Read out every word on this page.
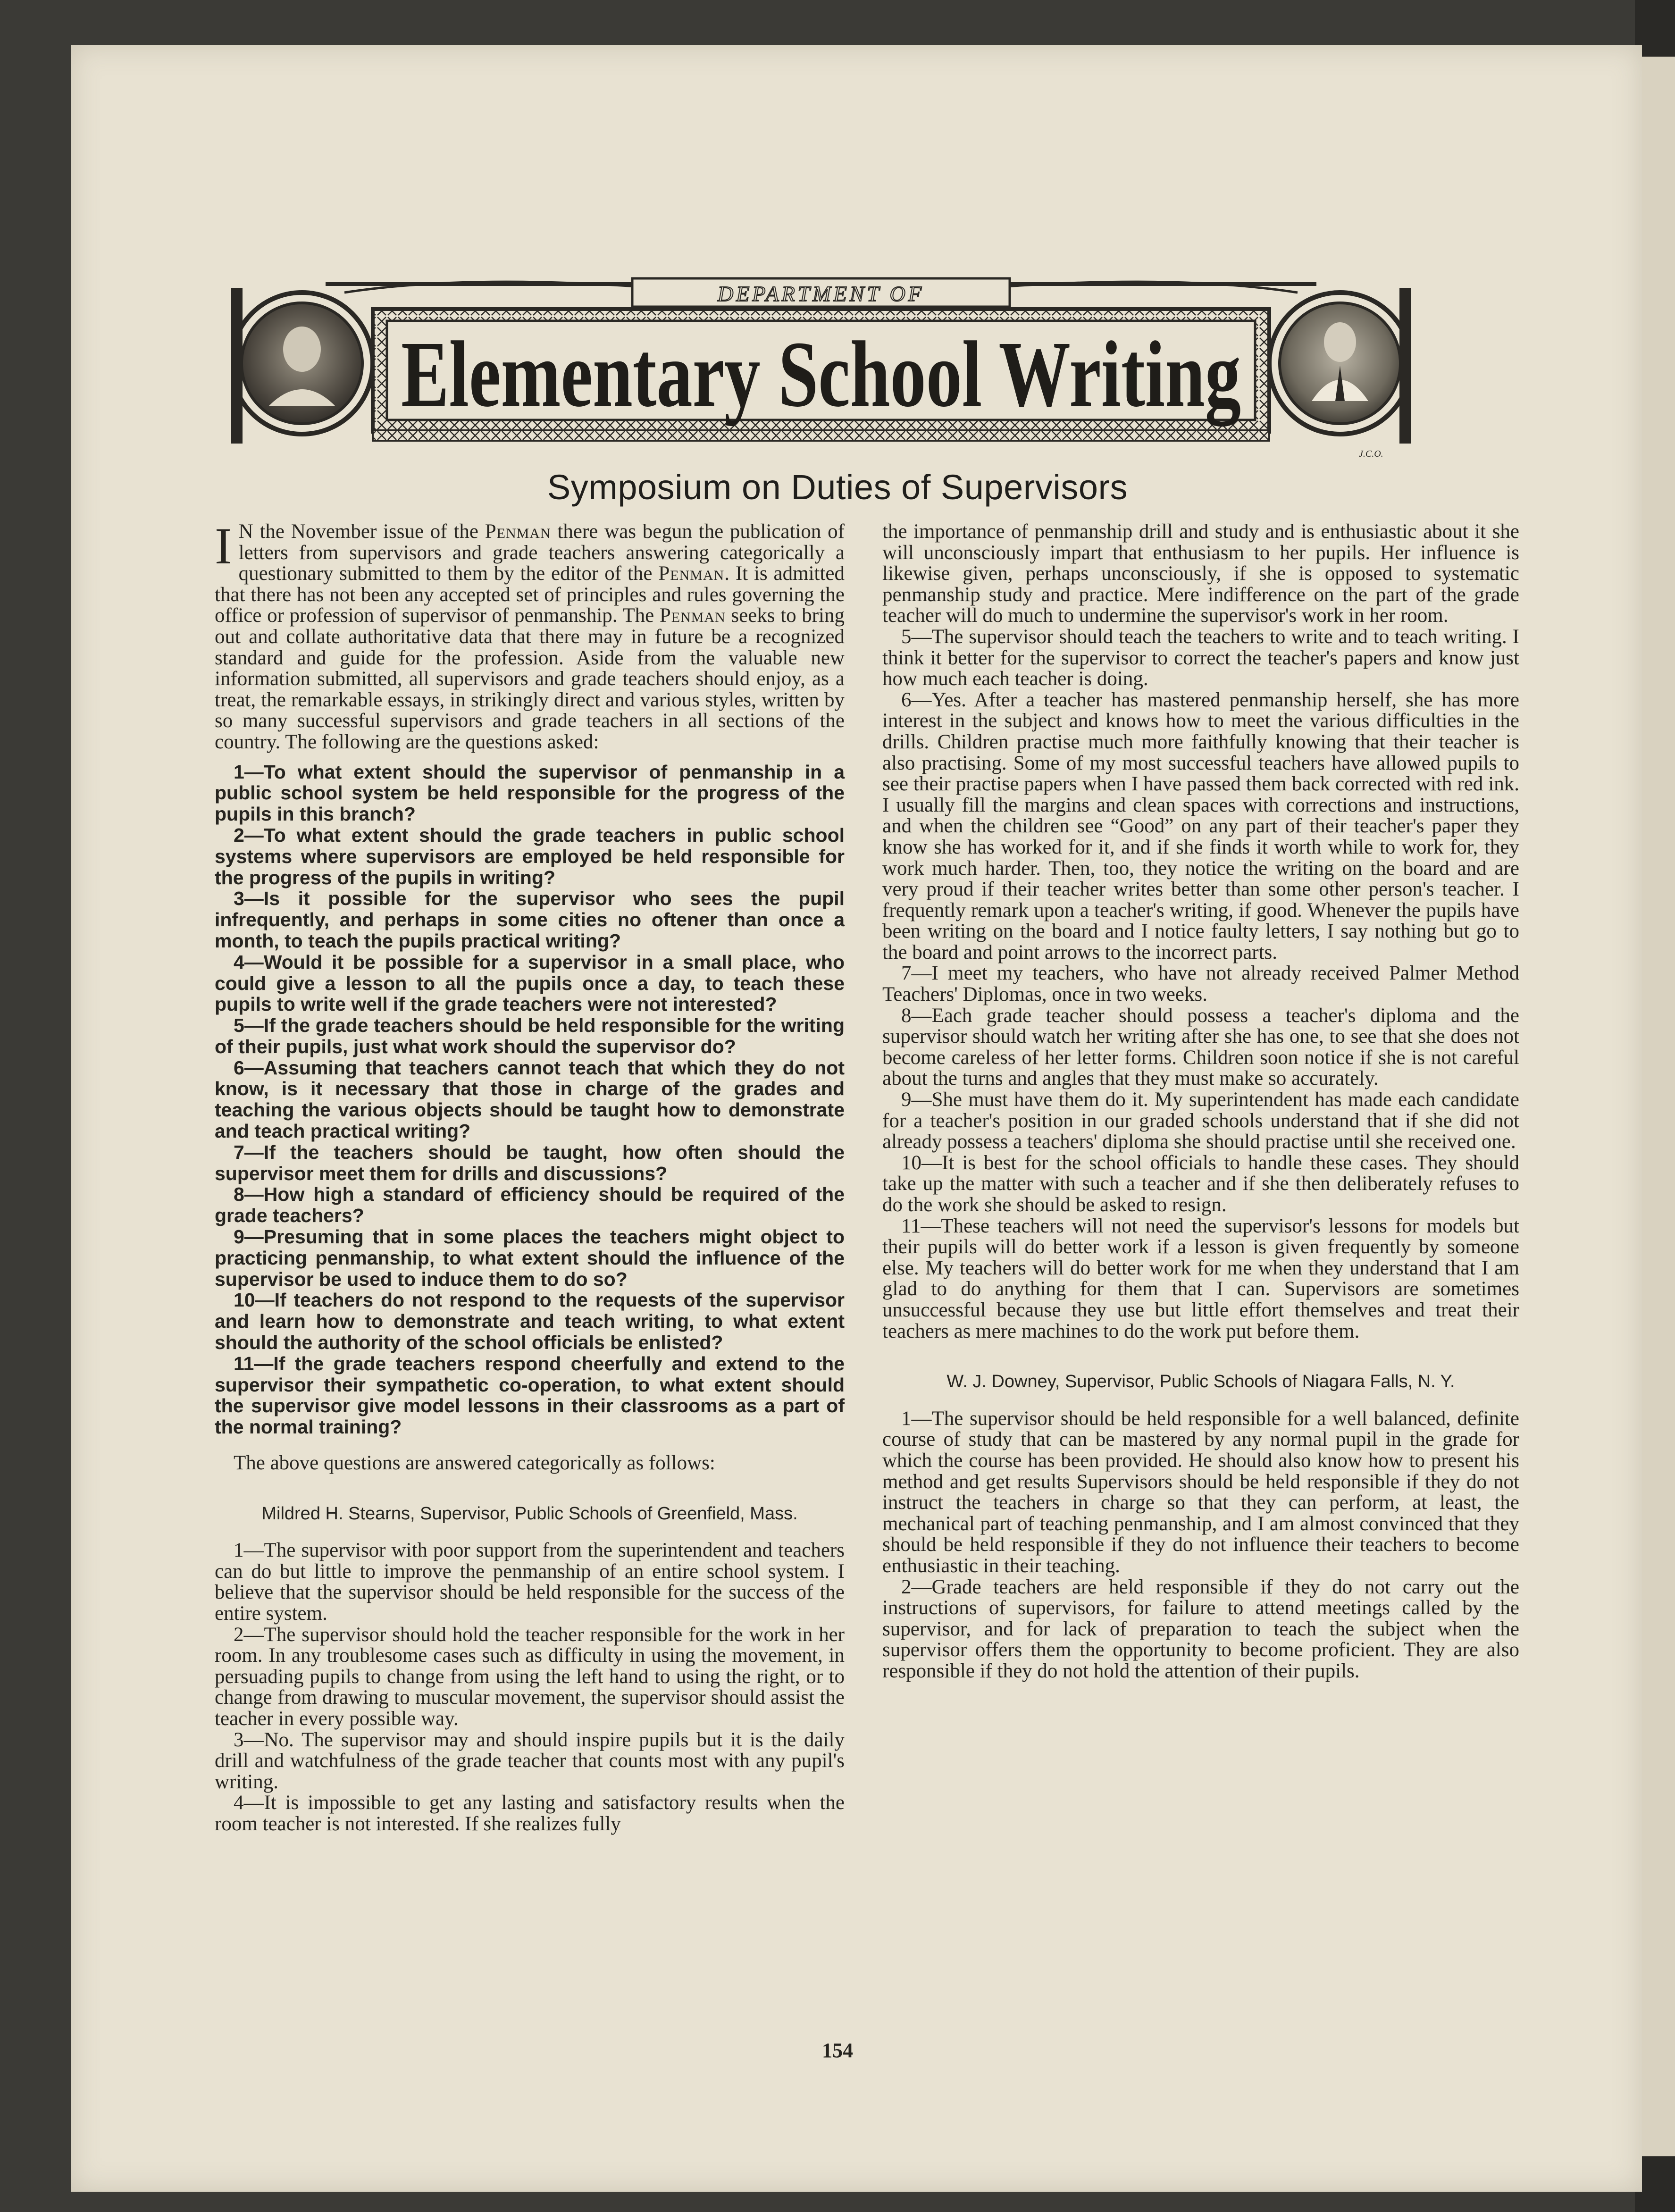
DEPARTMENT OF
Elementary School Writing
J.C.O.
Symposium on Duties of Supervisors

I N the November issue of the Penman there was begun the publication of letters from supervisors and grade teachers answering categorically a questionary submitted to them by the editor of the Penman. It is admitted that there has not been any accepted set of principles and rules governing the office or profession of supervisor of penmanship. The Penman seeks to bring out and collate authoritative data that there may in future be a recognized standard and guide for the profession. Aside from the valuable new information submitted, all supervisors and grade teachers should enjoy, as a treat, the remarkable essays, in strikingly direct and various styles, written by so many successful supervisors and grade teachers in all sections of the country. The following are the questions asked:

1—To what extent should the supervisor of penmanship in a public school system be held responsible for the progress of the pupils in this branch?

2—To what extent should the grade teachers in public school systems where supervisors are employed be held responsible for the progress of the pupils in writing?

3—Is it possible for the supervisor who sees the pupil infrequently, and perhaps in some cities no oftener than once a month, to teach the pupils practical writing?

4—Would it be possible for a supervisor in a small place, who could give a lesson to all the pupils once a day, to teach these pupils to write well if the grade teachers were not interested?

5—If the grade teachers should be held responsible for the writing of their pupils, just what work should the supervisor do?

6—Assuming that teachers cannot teach that which they do not know, is it necessary that those in charge of the grades and teaching the various objects should be taught how to demonstrate and teach practical writing?

7—If the teachers should be taught, how often should the supervisor meet them for drills and discussions?

8—How high a standard of efficiency should be required of the grade teachers?

9—Presuming that in some places the teachers might object to practicing penmanship, to what extent should the influence of the supervisor be used to induce them to do so?

10—If teachers do not respond to the requests of the supervisor and learn how to demonstrate and teach writing, to what extent should the authority of the school officials be enlisted?

11—If the grade teachers respond cheerfully and extend to the supervisor their sympathetic co-operation, to what extent should the supervisor give model lessons in their classrooms as a part of the normal training?

The above questions are answered categorically as follows:

Mildred H. Stearns, Supervisor, Public Schools of Greenfield, Mass.

1—The supervisor with poor support from the superintendent and teachers can do but little to improve the penmanship of an entire school system. I believe that the supervisor should be held responsible for the success of the entire system.

2—The supervisor should hold the teacher responsible for the work in her room. In any troublesome cases such as difficulty in using the movement, in persuading pupils to change from using the left hand to using the right, or to change from drawing to muscular movement, the supervisor should assist the teacher in every possible way.

3—No. The supervisor may and should inspire pupils but it is the daily drill and watchfulness of the grade teacher that counts most with any pupil's writing.

4—It is impossible to get any lasting and satisfactory results when the room teacher is not interested. If she realizes fully

the importance of penmanship drill and study and is enthusiastic about it she will unconsciously impart that enthusiasm to her pupils. Her influence is likewise given, perhaps unconsciously, if she is opposed to systematic penmanship study and practice. Mere indifference on the part of the grade teacher will do much to undermine the supervisor's work in her room.

5—The supervisor should teach the teachers to write and to teach writing. I think it better for the supervisor to correct the teacher's papers and know just how much each teacher is doing.

6—Yes. After a teacher has mastered penmanship herself, she has more interest in the subject and knows how to meet the various difficulties in the drills. Children practise much more faithfully knowing that their teacher is also practising. Some of my most successful teachers have allowed pupils to see their practise papers when I have passed them back corrected with red ink. I usually fill the margins and clean spaces with corrections and instructions, and when the children see “Good” on any part of their teacher's paper they know she has worked for it, and if she finds it worth while to work for, they work much harder. Then, too, they notice the writing on the board and are very proud if their teacher writes better than some other person's teacher. I frequently remark upon a teacher's writing, if good. Whenever the pupils have been writing on the board and I notice faulty letters, I say nothing but go to the board and point arrows to the incorrect parts.

7—I meet my teachers, who have not already received Palmer Method Teachers' Diplomas, once in two weeks.

8—Each grade teacher should possess a teacher's diploma and the supervisor should watch her writing after she has one, to see that she does not become careless of her letter forms. Children soon notice if she is not careful about the turns and angles that they must make so accurately.

9—She must have them do it. My superintendent has made each candidate for a teacher's position in our graded schools understand that if she did not already possess a teachers' diploma she should practise until she received one.

10—It is best for the school officials to handle these cases. They should take up the matter with such a teacher and if she then deliberately refuses to do the work she should be asked to resign.

11—These teachers will not need the supervisor's lessons for models but their pupils will do better work if a lesson is given frequently by someone else. My teachers will do better work for me when they understand that I am glad to do anything for them that I can. Supervisors are sometimes unsuccessful because they use but little effort themselves and treat their teachers as mere machines to do the work put before them.

W. J. Downey, Supervisor, Public Schools of Niagara Falls, N. Y.

1—The supervisor should be held responsible for a well balanced, definite course of study that can be mastered by any normal pupil in the grade for which the course has been provided. He should also know how to present his method and get results Supervisors should be held responsible if they do not instruct the teachers in charge so that they can perform, at least, the mechanical part of teaching penmanship, and I am almost convinced that they should be held responsible if they do not influence their teachers to become enthusiastic in their teaching.

2—Grade teachers are held responsible if they do not carry out the instructions of supervisors, for failure to attend meetings called by the supervisor, and for lack of preparation to teach the subject when the supervisor offers them the opportunity to become proficient. They are also responsible if they do not hold the attention of their pupils.

154
